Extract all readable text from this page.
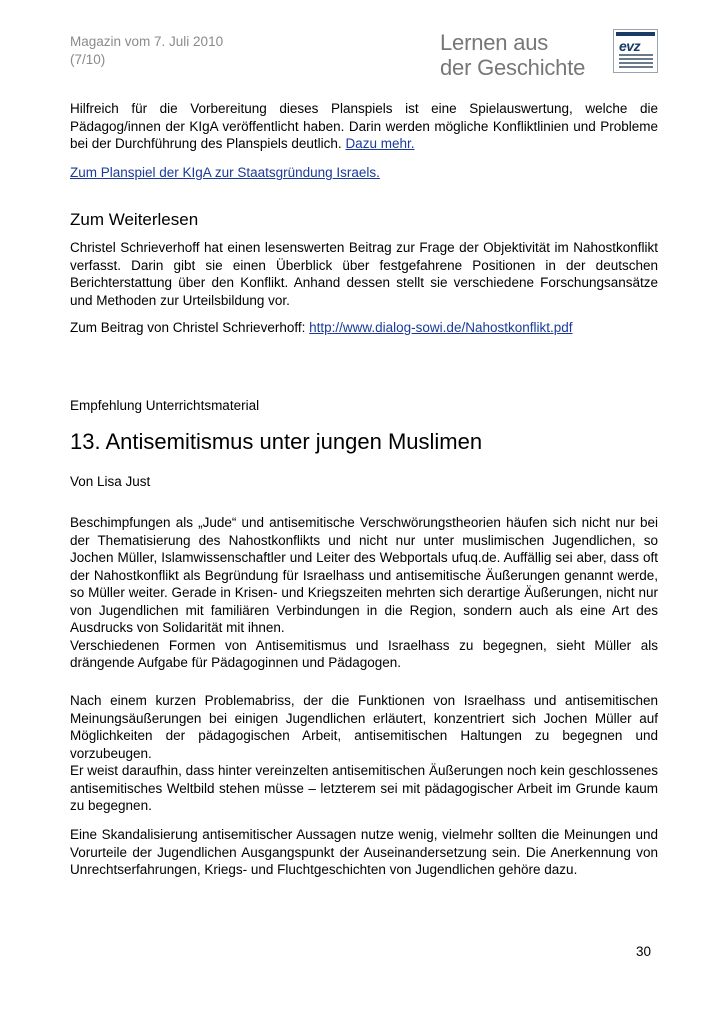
Magazin vom 7. Juli 2010
(7/10)
Lernen aus
der Geschichte
evz

Hilfreich für die Vorbereitung dieses Planspiels ist eine Spielauswertung, welche die Pädagog/innen der KIgA veröffentlicht haben. Darin werden mögliche Konfliktlinien und Probleme bei der Durchführung des Planspiels deutlich. Dazu mehr.

Zum Planspiel der KIgA zur Staatsgründung Israels.

Zum Weiterlesen

Christel Schrieverhoff hat einen lesenswerten Beitrag zur Frage der Objektivität im Nahostkonflikt verfasst. Darin gibt sie einen Überblick über festgefahrene Positionen in der deutschen Berichterstattung über den Konflikt. Anhand dessen stellt sie verschiedene Forschungsansätze und Methoden zur Urteilsbildung vor.

Zum Beitrag von Christel Schrieverhoff: http://www.dialog-sowi.de/Nahostkonflikt.pdf

Empfehlung Unterrichtsmaterial

13. Antisemitismus unter jungen Muslimen

Von Lisa Just

Beschimpfungen als „Jude“ und antisemitische Verschwörungstheorien häufen sich nicht nur bei der Thematisierung des Nahostkonflikts und nicht nur unter muslimischen Jugendlichen, so Jochen Müller, Islamwissenschaftler und Leiter des Webportals ufuq.de. Auffällig sei aber, dass oft der Nahostkonflikt als Begründung für Israelhass und antisemitische Äußerungen genannt werde, so Müller weiter. Gerade in Krisen- und Kriegszeiten mehrten sich derartige Äußerungen, nicht nur von Jugendlichen mit familiären Verbindungen in die Region, sondern auch als eine Art des Ausdrucks von Solidarität mit ihnen.
Verschiedenen Formen von Antisemitismus und Israelhass zu begegnen, sieht Müller als drängende Aufgabe für Pädagoginnen und Pädagogen.
Nach einem kurzen Problemabriss, der die Funktionen von Israelhass und antisemitischen Meinungsäußerungen bei einigen Jugendlichen erläutert, konzentriert sich Jochen Müller auf Möglichkeiten der pädagogischen Arbeit, antisemitischen Haltungen zu begegnen und vorzubeugen.
Er weist daraufhin, dass hinter vereinzelten antisemitischen Äußerungen noch kein geschlossenes antisemitisches Weltbild stehen müsse – letzterem sei mit pädagogischer Arbeit im Grunde kaum zu begegnen.

Eine Skandalisierung antisemitischer Aussagen nutze wenig, vielmehr sollten die Meinungen und Vorurteile der Jugendlichen Ausgangspunkt der Auseinandersetzung sein. Die Anerkennung von Unrechtserfahrungen, Kriegs- und Fluchtgeschichten von Jugendlichen gehöre dazu.

30
